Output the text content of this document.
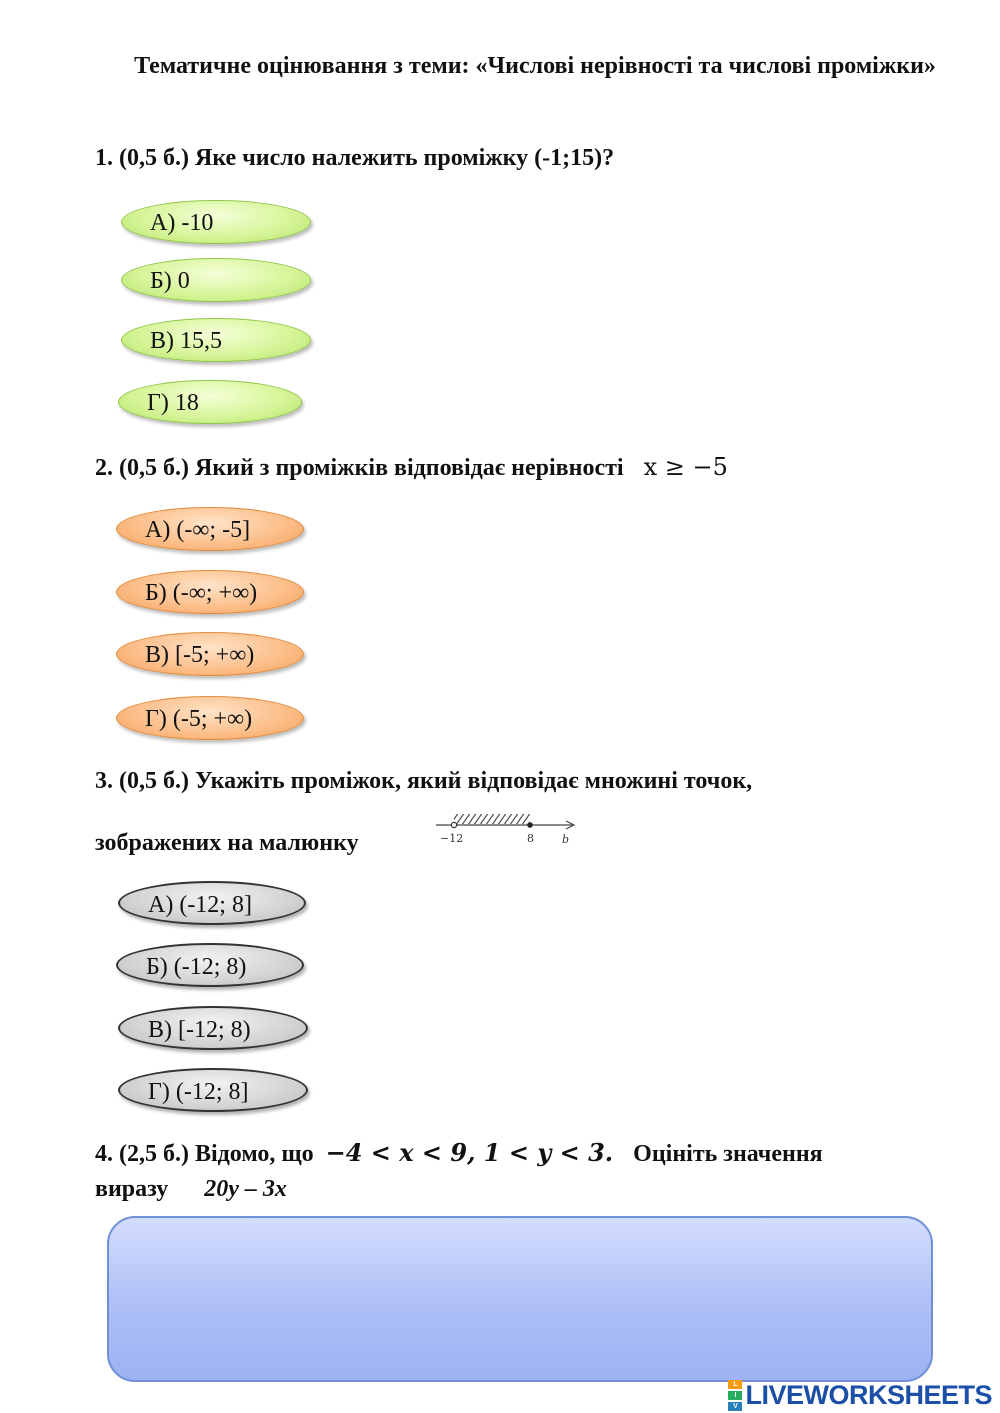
Тематичне оцінювання з теми: «Числові нерівності та числові проміжки»
1. (0,5 б.) Яке число належить проміжку (-1;15)?
А) -10
Б) 0
В) 15,5
Г) 18
2. (0,5 б.) Який з проміжків відповідає нерівності x ≥ −5
А) (-∞; -5]
Б) (-∞; +∞)
В) [-5; +∞)
Г) (-5; +∞)
3. (0,5 б.) Укажіть проміжок, який відповідає множині точок,
зображених на малюнку	−12	8	b
А) (-12; 8]
Б) (-12; 8)
В) [-12; 8)
Г) (-12; 8]
4. (2,5 б.) Відомо, що −4 < x < 9, 1 < y < 3. Оцініть значення
виразу 20y – 3x
L
I
V LIVEWORKSHEETS
